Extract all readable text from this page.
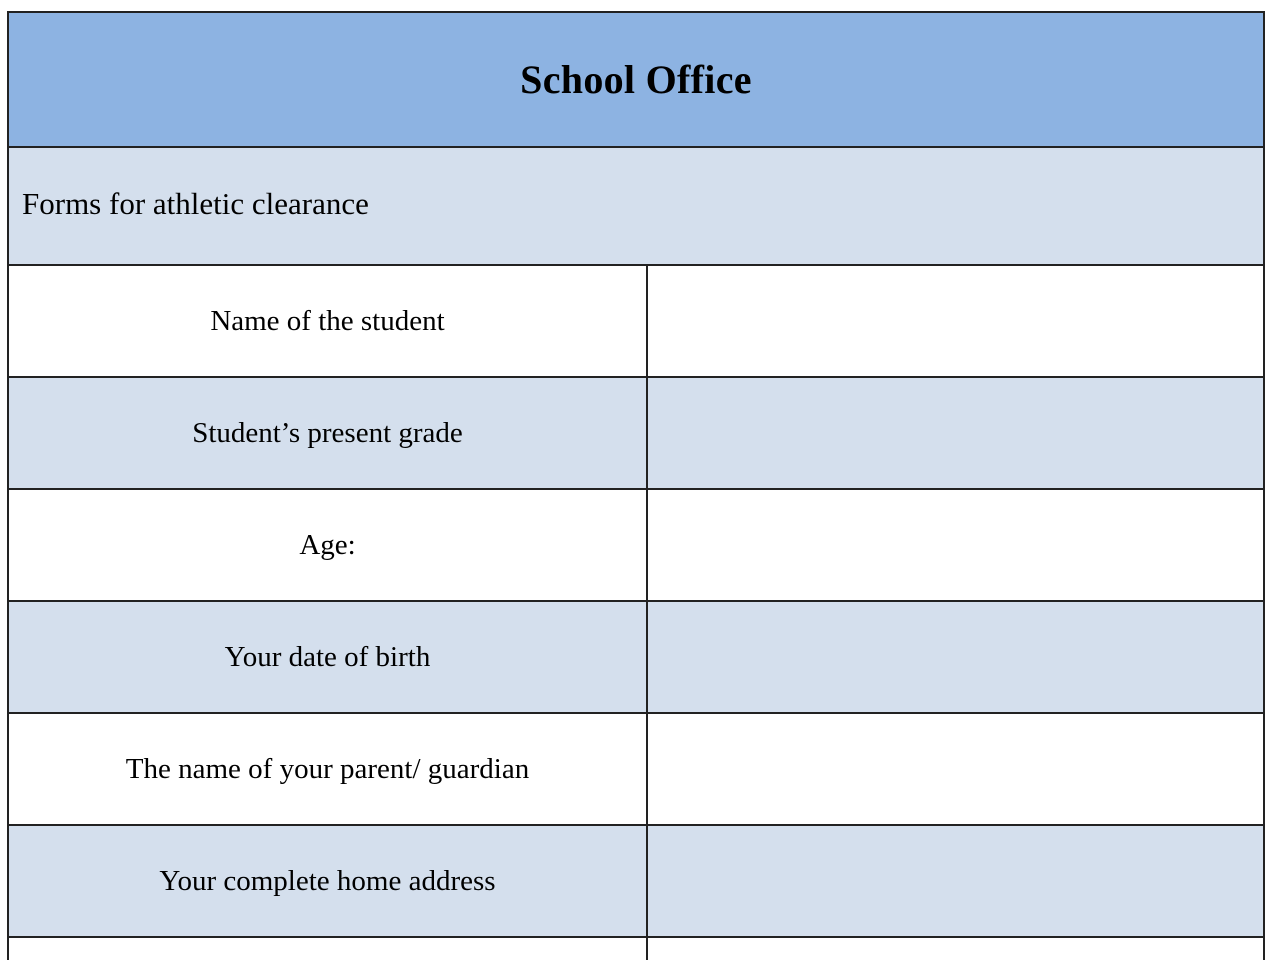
School Office
Forms for athletic clearance
Name of the student
Student’s present grade
Age:
Your date of birth
The name of your parent/ guardian
Your complete home address
